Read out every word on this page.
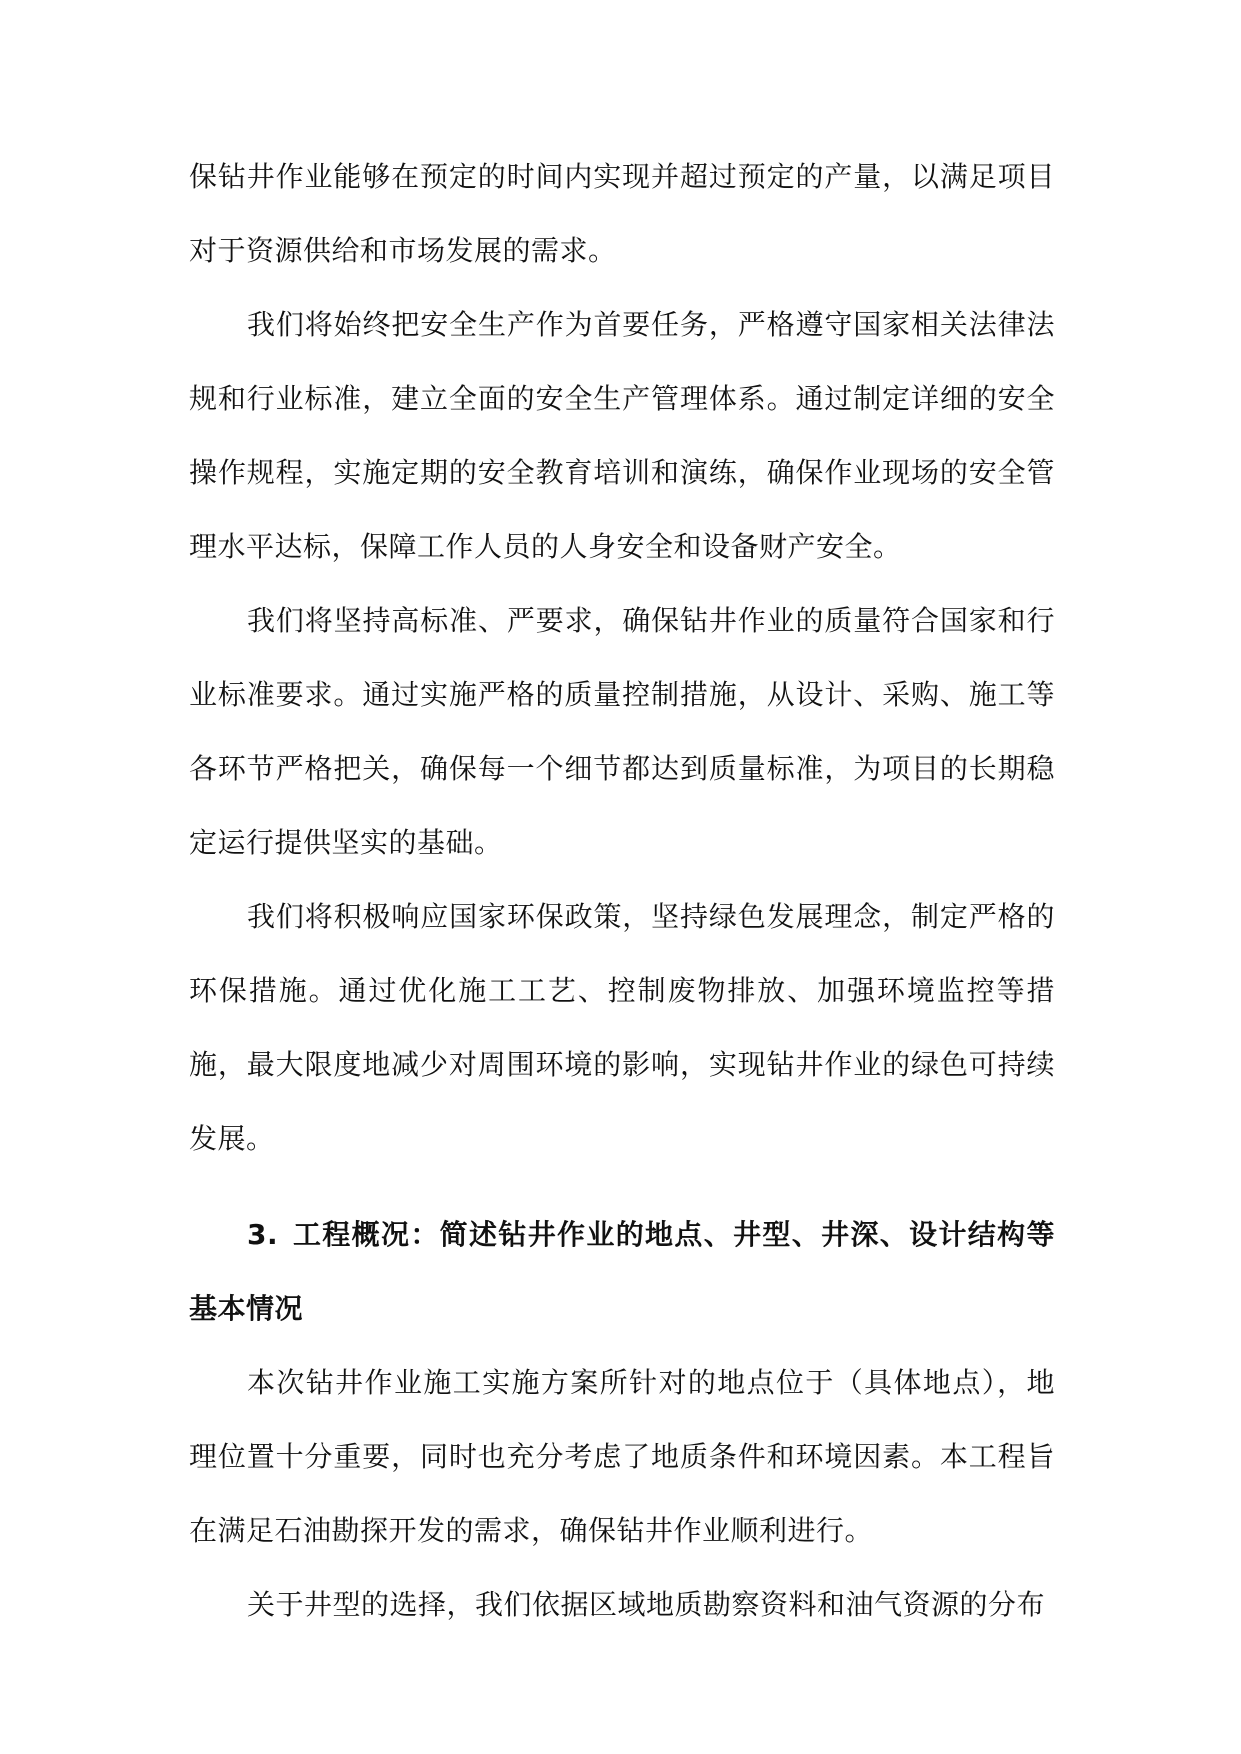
保钻井作业能够在预定的时间内实现并超过预定的产量，以满足项目对于资源供给和市场发展的需求。

我们将始终把安全生产作为首要任务，严格遵守国家相关法律法规和行业标准，建立全面的安全生产管理体系。通过制定详细的安全操作规程，实施定期的安全教育培训和演练，确保作业现场的安全管理水平达标，保障工作人员的人身安全和设备财产安全。

我们将坚持高标准、严要求，确保钻井作业的质量符合国家和行业标准要求。通过实施严格的质量控制措施，从设计、采购、施工等各环节严格把关，确保每一个细节都达到质量标准，为项目的长期稳定运行提供坚实的基础。

我们将积极响应国家环保政策，坚持绿色发展理念，制定严格的环保措施。通过优化施工工艺、控制废物排放、加强环境监控等措施，最大限度地减少对周围环境的影响，实现钻井作业的绿色可持续发展。

3. 工程概况：简述钻井作业的地点、井型、井深、设计结构等基本情况

本次钻井作业施工实施方案所针对的地点位于（具体地点），地理位置十分重要，同时也充分考虑了地质条件和环境因素。本工程旨在满足石油勘探开发的需求，确保钻井作业顺利进行。

关于井型的选择，我们依据区域地质勘察资料和油气资源的分布
